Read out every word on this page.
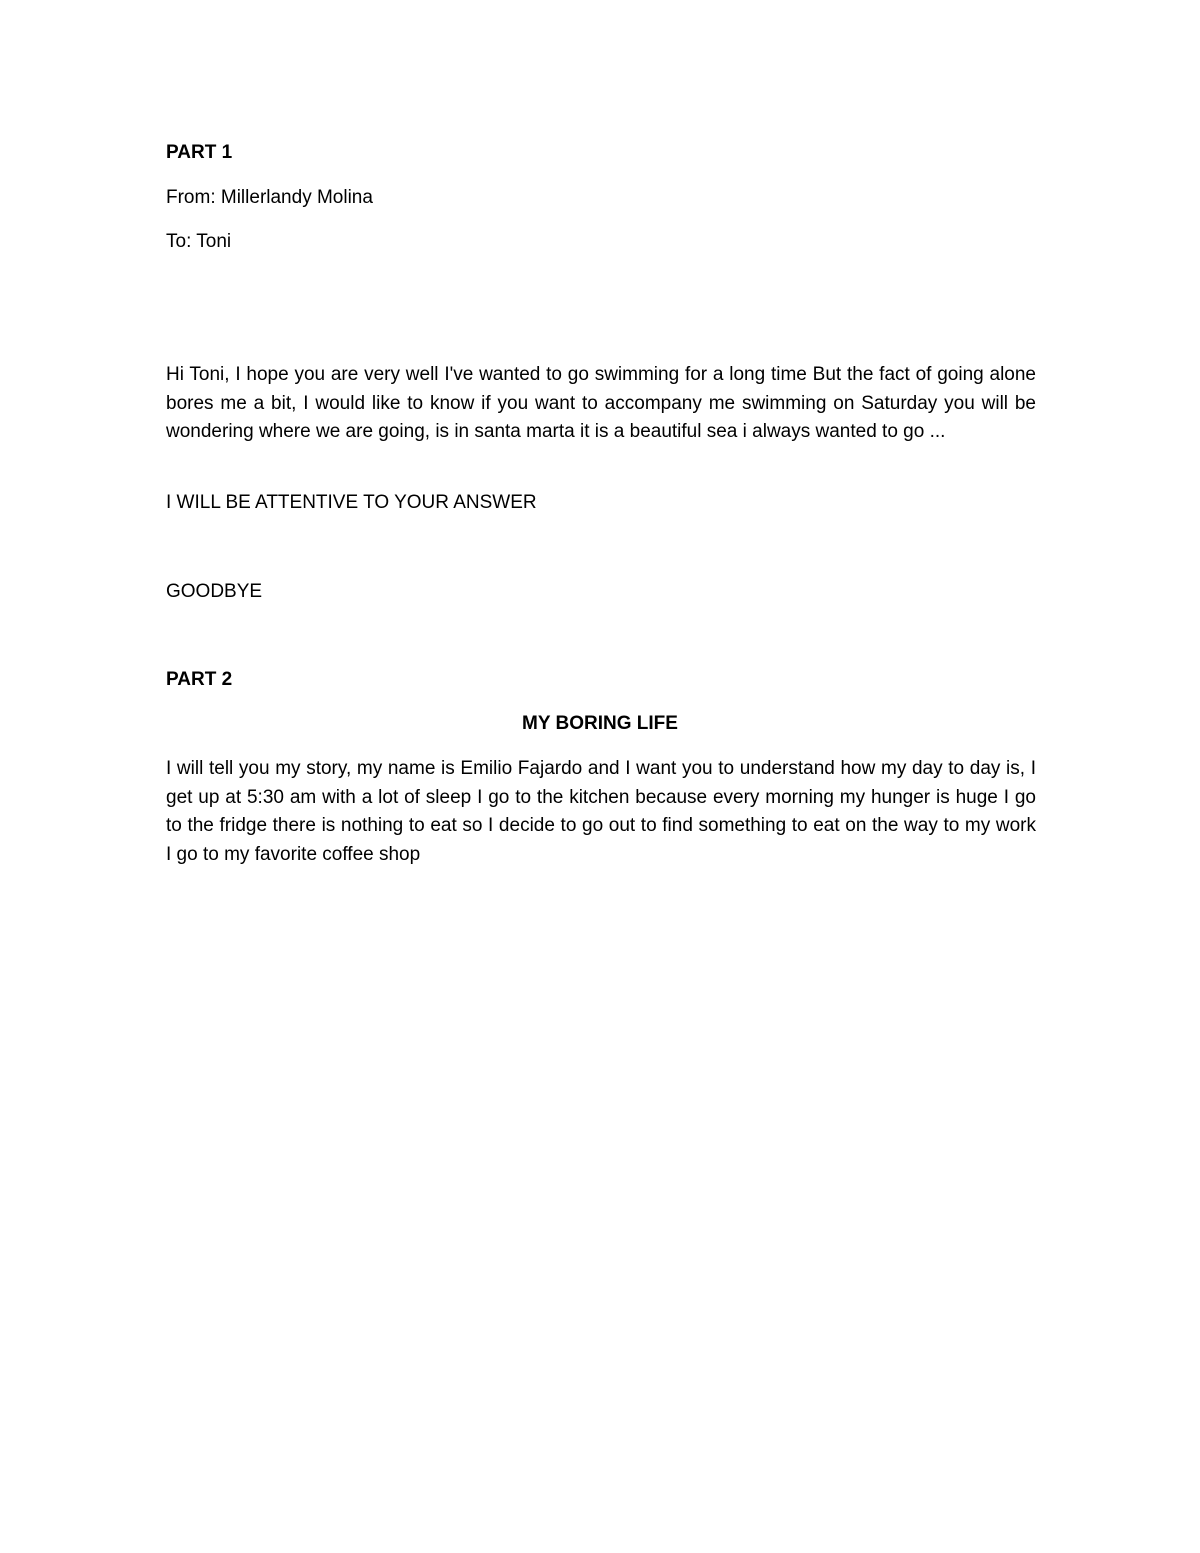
PART 1

From: Millerlandy Molina

To: Toni

Hi Toni, I hope you are very well I've wanted to go swimming for a long time But the fact of going alone bores me a bit, I would like to know if you want to accompany me swimming on Saturday you will be wondering where we are going, is in santa marta it is a beautiful sea i always wanted to go ...

I WILL BE ATTENTIVE TO YOUR ANSWER

GOODBYE

PART 2

MY BORING LIFE

I will tell you my story, my name is Emilio Fajardo and I want you to understand how my day to day is, I get up at 5:30 am with a lot of sleep I go to the kitchen because every morning my hunger is huge I go to the fridge there is nothing to eat so I decide to go out to find something to eat on the way to my work I go to my favorite coffee shop
